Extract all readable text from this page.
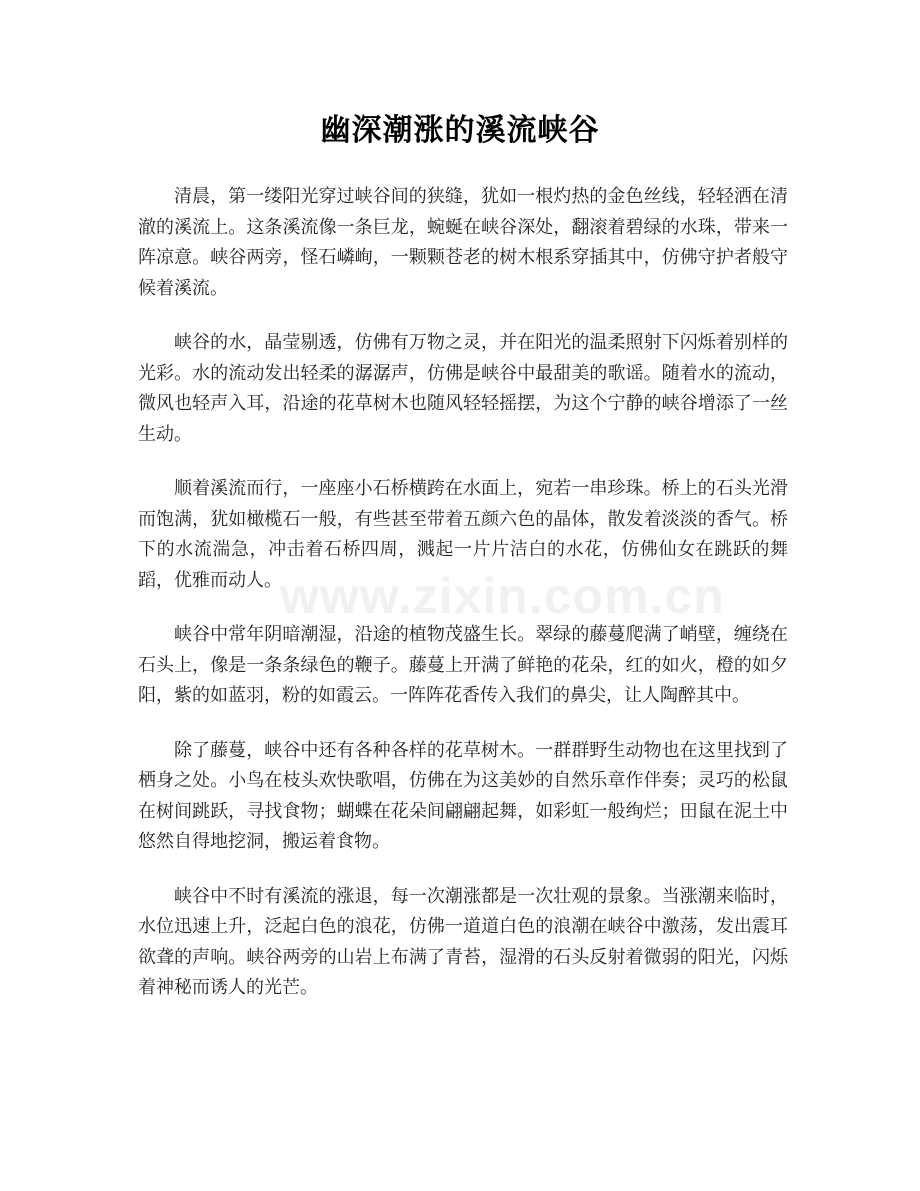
幽深潮涨的溪流峡谷

清晨，第一缕阳光穿过峡谷间的狭缝，犹如一根灼热的金色丝线，轻轻洒在清澈的溪流上。这条溪流像一条巨龙，蜿蜒在峡谷深处，翻滚着碧绿的水珠，带来一阵凉意。峡谷两旁，怪石嶙峋，一颗颗苍老的树木根系穿插其中，仿佛守护者般守候着溪流。

峡谷的水，晶莹剔透，仿佛有万物之灵，并在阳光的温柔照射下闪烁着别样的光彩。水的流动发出轻柔的潺潺声，仿佛是峡谷中最甜美的歌谣。随着水的流动，微风也轻声入耳，沿途的花草树木也随风轻轻摇摆，为这个宁静的峡谷增添了一丝生动。

顺着溪流而行，一座座小石桥横跨在水面上，宛若一串珍珠。桥上的石头光滑而饱满，犹如橄榄石一般，有些甚至带着五颜六色的晶体，散发着淡淡的香气。桥下的水流湍急，冲击着石桥四周，溅起一片片洁白的水花，仿佛仙女在跳跃的舞蹈，优雅而动人。

峡谷中常年阴暗潮湿，沿途的植物茂盛生长。翠绿的藤蔓爬满了峭壁，缠绕在石头上，像是一条条绿色的鞭子。藤蔓上开满了鲜艳的花朵，红的如火，橙的如夕阳，紫的如蓝羽，粉的如霞云。一阵阵花香传入我们的鼻尖，让人陶醉其中。

除了藤蔓，峡谷中还有各种各样的花草树木。一群群野生动物也在这里找到了栖身之处。小鸟在枝头欢快歌唱，仿佛在为这美妙的自然乐章作伴奏；灵巧的松鼠在树间跳跃，寻找食物；蝴蝶在花朵间翩翩起舞，如彩虹一般绚烂；田鼠在泥土中悠然自得地挖洞，搬运着食物。

峡谷中不时有溪流的涨退，每一次潮涨都是一次壮观的景象。当涨潮来临时，水位迅速上升，泛起白色的浪花，仿佛一道道白色的浪潮在峡谷中激荡，发出震耳欲聋的声响。峡谷两旁的山岩上布满了青苔，湿滑的石头反射着微弱的阳光，闪烁着神秘而诱人的光芒。

www.zixin.com.cn
